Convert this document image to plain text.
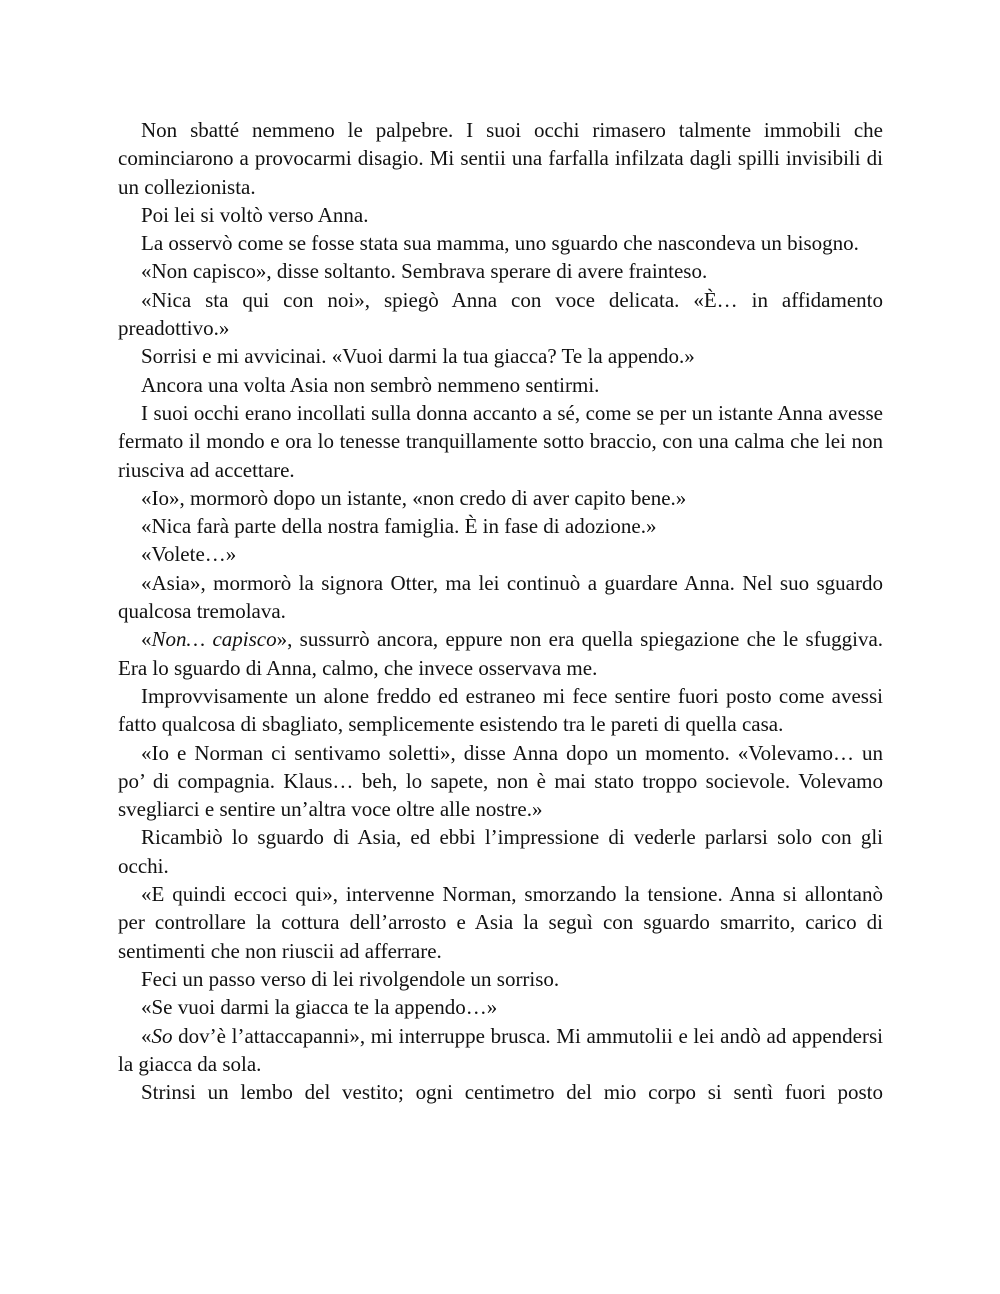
Non sbatté nemmeno le palpebre. I suoi occhi rimasero talmente immobili che cominciarono a provocarmi disagio. Mi sentii una farfalla infilzata dagli spilli invisibili di un collezionista.

Poi lei si voltò verso Anna.

La osservò come se fosse stata sua mamma, uno sguardo che nascondeva un bisogno.

«Non capisco», disse soltanto. Sembrava sperare di avere frainteso.

«Nica sta qui con noi», spiegò Anna con voce delicata. «È… in affidamento preadottivo.»

Sorrisi e mi avvicinai. «Vuoi darmi la tua giacca? Te la appendo.»

Ancora una volta Asia non sembrò nemmeno sentirmi.

I suoi occhi erano incollati sulla donna accanto a sé, come se per un istante Anna avesse fermato il mondo e ora lo tenesse tranquillamente sotto braccio, con una calma che lei non riusciva ad accettare.

«Io», mormorò dopo un istante, «non credo di aver capito bene.»

«Nica farà parte della nostra famiglia. È in fase di adozione.»

«Volete…»

«Asia», mormorò la signora Otter, ma lei continuò a guardare Anna. Nel suo sguardo qualcosa tremolava.

«Non… capisco», sussurrò ancora, eppure non era quella spiegazione che le sfuggiva. Era lo sguardo di Anna, calmo, che invece osservava me.

Improvvisamente un alone freddo ed estraneo mi fece sentire fuori posto come avessi fatto qualcosa di sbagliato, semplicemente esistendo tra le pareti di quella casa.

«Io e Norman ci sentivamo soletti», disse Anna dopo un momento. «Volevamo… un po’ di compagnia. Klaus… beh, lo sapete, non è mai stato troppo socievole. Volevamo svegliarci e sentire un’altra voce oltre alle nostre.»

Ricambiò lo sguardo di Asia, ed ebbi l’impressione di vederle parlarsi solo con gli occhi.

«E quindi eccoci qui», intervenne Norman, smorzando la tensione. Anna si allontanò per controllare la cottura dell’arrosto e Asia la seguì con sguardo smarrito, carico di sentimenti che non riuscii ad afferrare.

Feci un passo verso di lei rivolgendole un sorriso.

«Se vuoi darmi la giacca te la appendo…»

«So dov’è l’attaccapanni», mi interruppe brusca. Mi ammutolii e lei andò ad appendersi la giacca da sola.

Strinsi un lembo del vestito; ogni centimetro del mio corpo si sentì fuori posto
